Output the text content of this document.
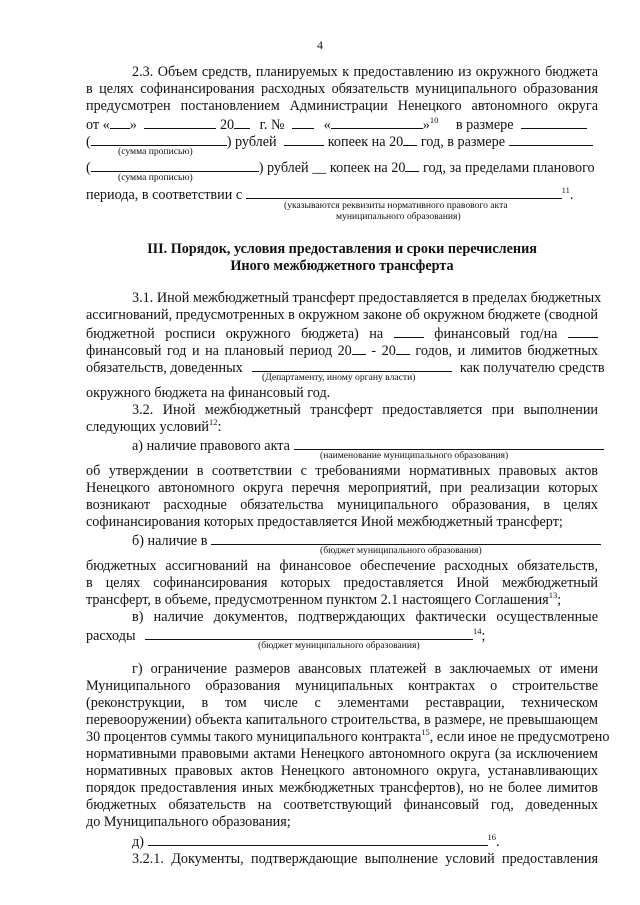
4
2.3. Объем средств, планируемых к предоставлению из окружного бюджета
в целях софинансирования расходных обязательств муниципального образования
предусмотрен постановлением Администрации Ненецкого автономного округа
от « »	20 г. №	«	»$^{10}$ в размере
(	) рублей	копеек на 20 год, в размере
(сумма прописью)
(	) рублей __ копеек на 20 год, за пределами планового
(сумма прописью)
периода, в соответствии с	$^{11}$.
(указываются реквизиты нормативного правового акта
муниципального образования)
III. Порядок, условия предоставления и сроки перечисления
Иного межбюджетного трансферта
3.1. Иной межбюджетный трансферт предоставляется в пределах бюджетных
ассигнований, предусмотренных в окружном законе об окружном бюджете (сводной
бюджетной росписи окружного бюджета) на	финансовый год/на
финансовый год и на плановый период 20 - 20 годов, и лимитов бюджетных
обязательств, доведенных	как получателю средств
(Департаменту, иному органу власти)
окружного бюджета на финансовый год.
3.2. Иной межбюджетный трансферт предоставляется при выполнении
следующих условий$^{12}$:
а) наличие правового акта
(наименование муниципального образования)
об утверждении в соответствии с требованиями нормативных правовых актов
Ненецкого автономного округа перечня мероприятий, при реализации которых
возникают расходные обязательства муниципального образования, в целях
софинансирования которых предоставляется Иной межбюджетный трансферт;
б) наличие в
(бюджет муниципального образования)
бюджетных ассигнований на финансовое обеспечение расходных обязательств,
в целях софинансирования которых предоставляется Иной межбюджетный
трансферт, в объеме, предусмотренном пунктом 2.1 настоящего Соглашения$^{13}$;
в) наличие документов, подтверждающих фактически осуществленные
расходы	$^{14}$;
(бюджет муниципального образования)
г) ограничение размеров авансовых платежей в заключаемых от имени
Муниципального образования муниципальных контрактах о строительстве
(реконструкции, в том числе с элементами реставрации, техническом
перевооружении) объекта капитального строительства, в размере, не превышающем
30 процентов суммы такого муниципального контракта$^{15}$, если иное не предусмотрено
нормативными правовыми актами Ненецкого автономного округа (за исключением
нормативных правовых актов Ненецкого автономного округа, устанавливающих
порядок предоставления иных межбюджетных трансфертов), но не более лимитов
бюджетных обязательств на соответствующий финансовый год, доведенных
до Муниципального образования;
д)	$^{16}$.
3.2.1. Документы, подтверждающие выполнение условий предоставления
